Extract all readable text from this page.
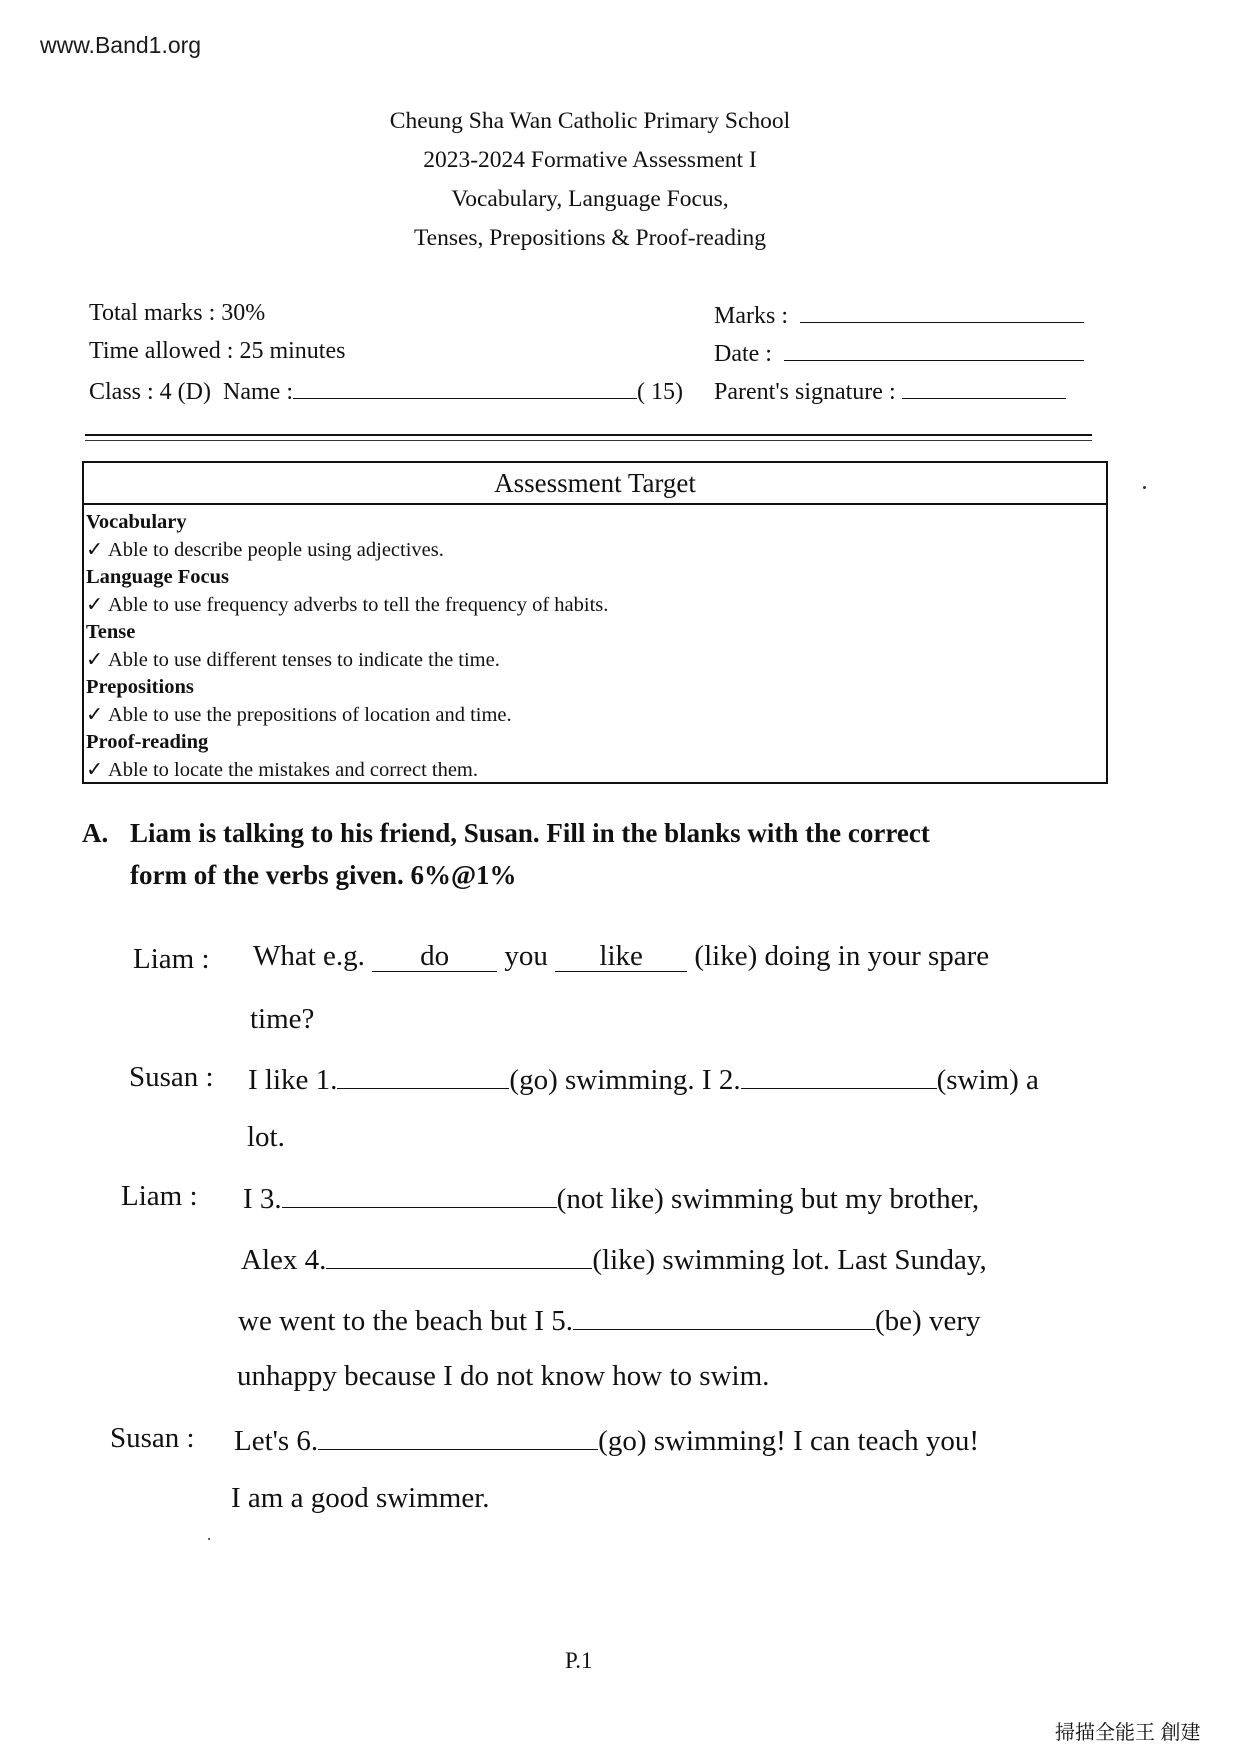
www.Band1.org
Cheung Sha Wan Catholic Primary School
2023-2024 Formative Assessment I
Vocabulary, Language Focus,
Tenses, Prepositions & Proof-reading
Total marks : 30%
Time allowed : 25 minutes
Class : 4 (D) Name :	( 15)
Marks :
Date :
Parent's signature :
Assessment Target
Vocabulary
✓ Able to describe people using adjectives.
Language Focus
✓ Able to use frequency adverbs to tell the frequency of habits.
Tense
✓ Able to use different tenses to indicate the time.
Prepositions
✓ Able to use the prepositions of location and time.
Proof-reading
✓ Able to locate the mistakes and correct them.
A. Liam is talking to his friend, Susan. Fill in the blanks with the correct
form of the verbs given. 6%@1%
Liam : What e.g. do you like (like) doing in your spare
time?
Susan : I like 1.	(go) swimming. I 2.	(swim) a
lot.
Liam : I 3.	(not like) swimming but my brother,
Alex 4.	(like) swimming lot. Last Sunday,
we went to the beach but I 5.	(be) very
unhappy because I do not know how to swim.
Susan : Let's 6.	(go) swimming! I can teach you!
I am a good swimmer.
P.1
掃描全能王 創建
